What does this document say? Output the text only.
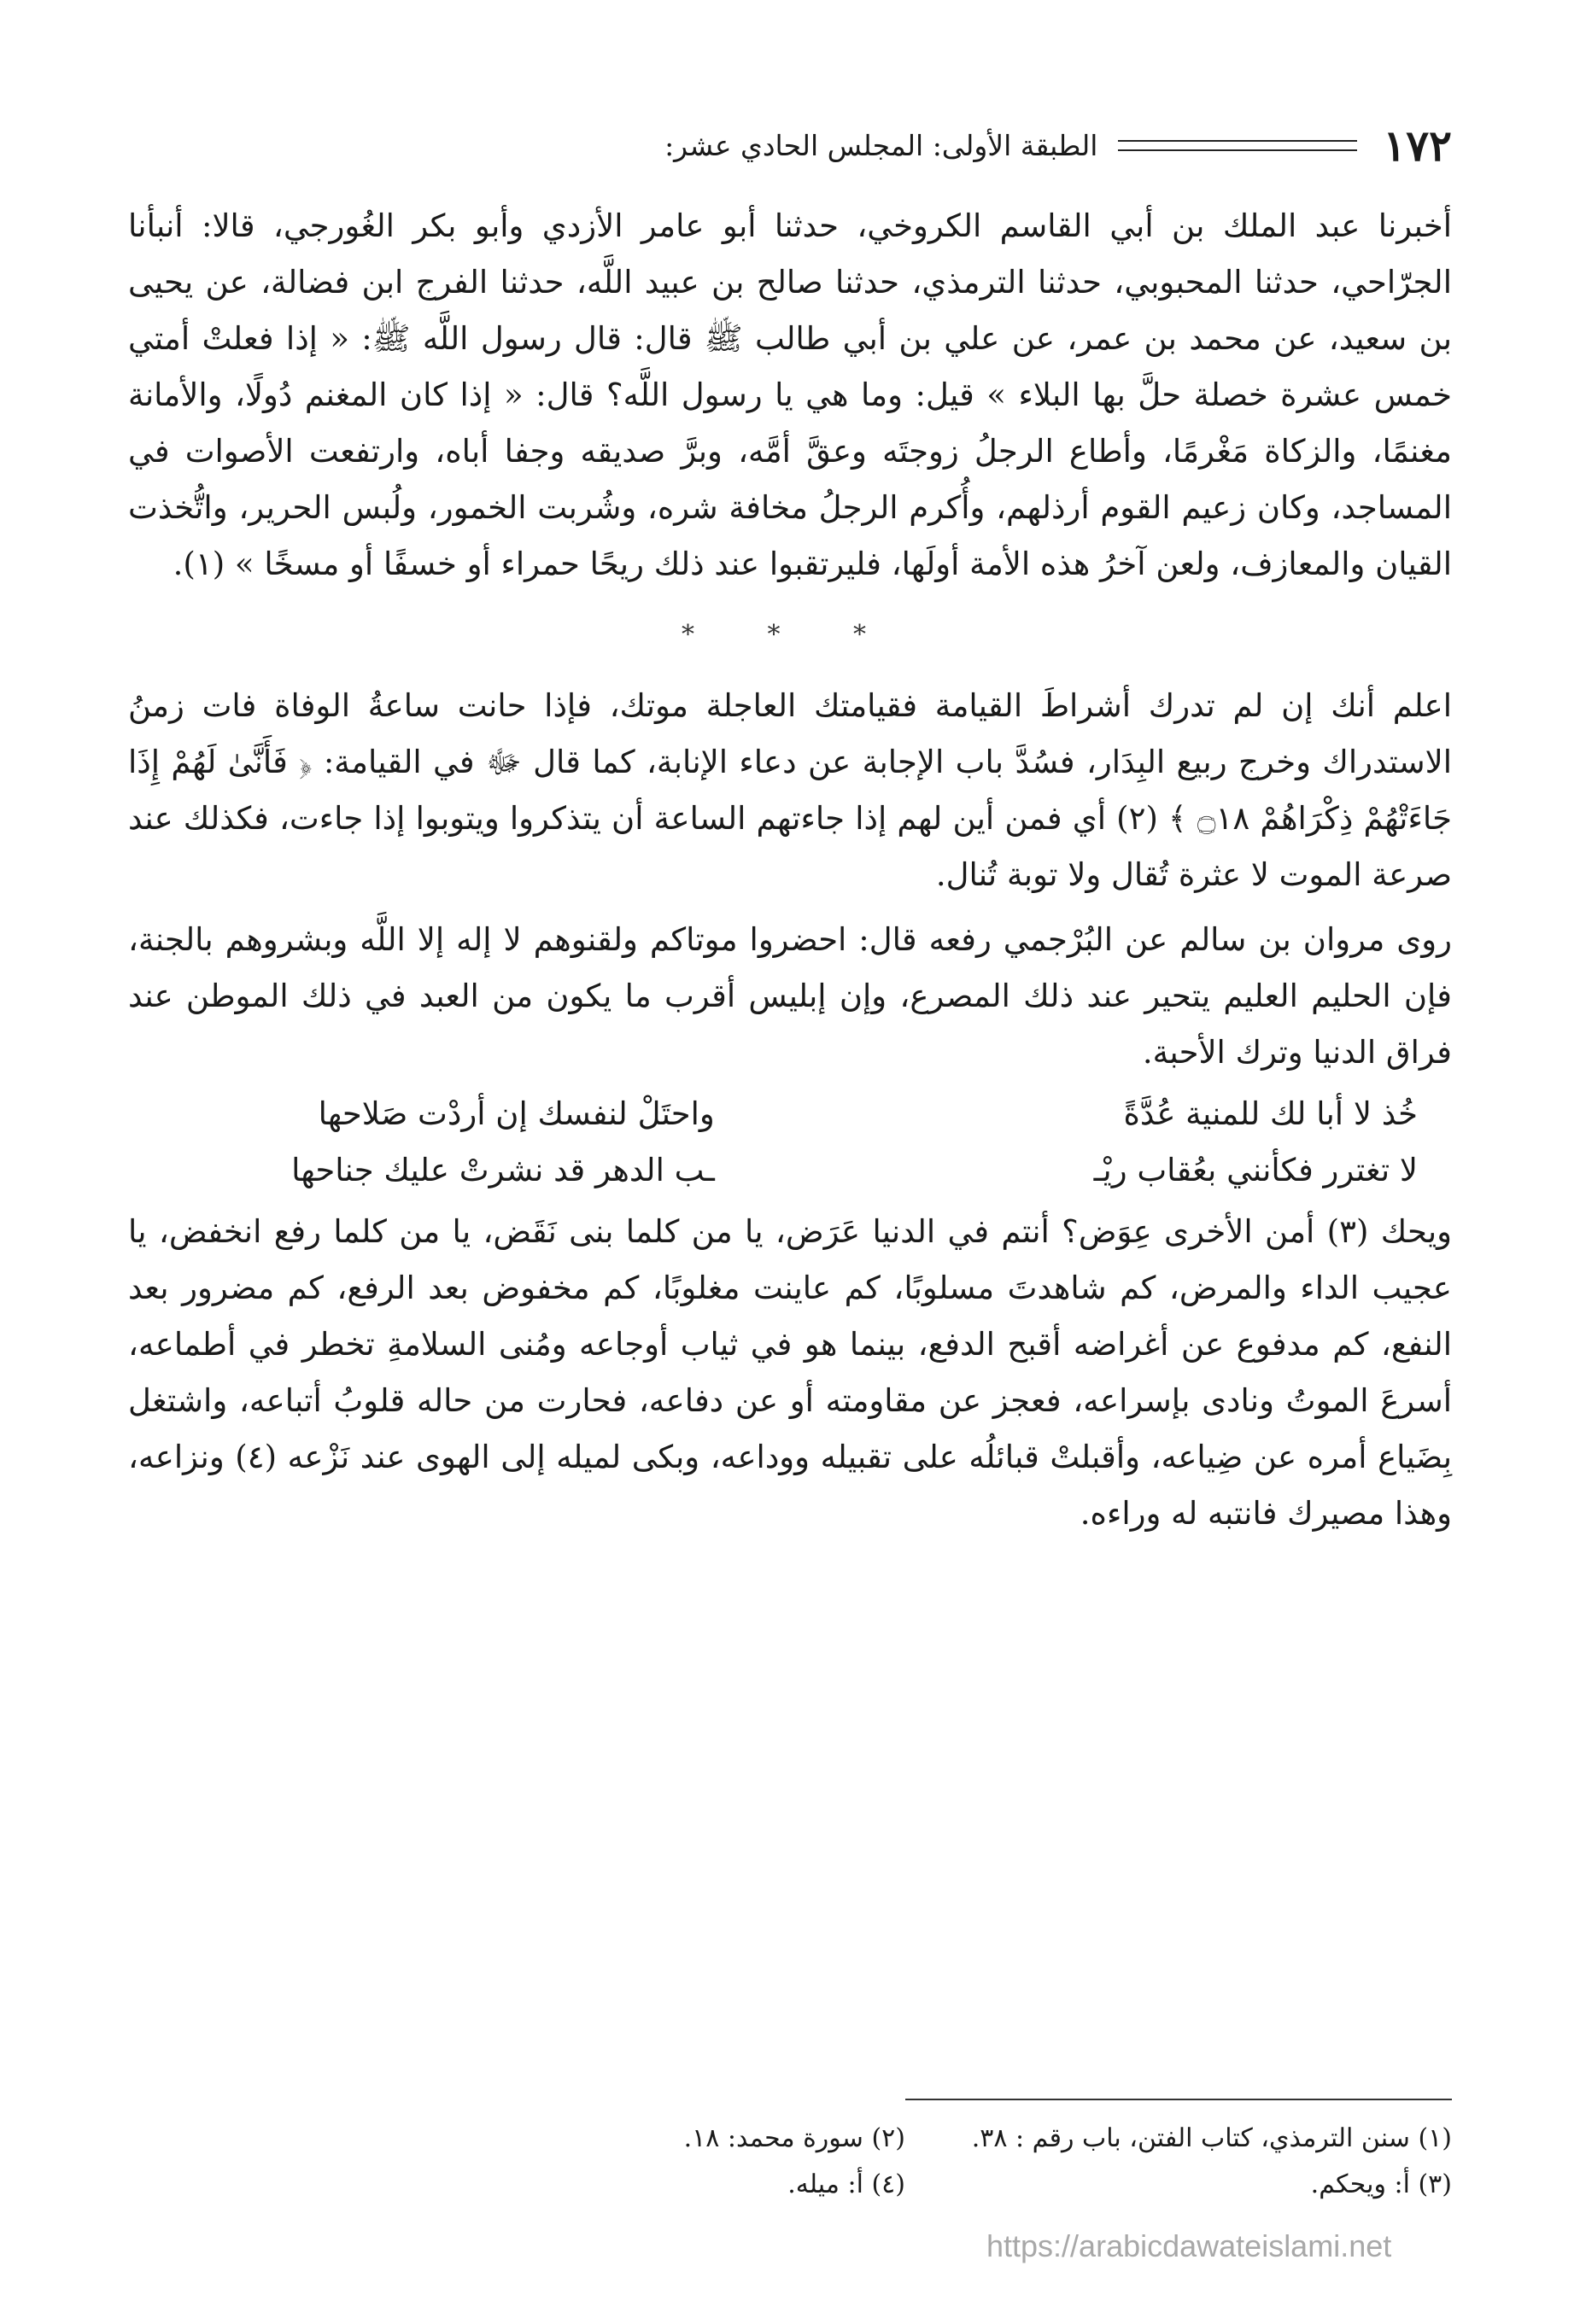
١٧٢
الطبقة الأولى: المجلس الحادي عشر:

أخبرنا عبد الملك بن أبي القاسم الكروخي، حدثنا أبو عامر الأزدي وأبو بكر الغُورجي، قالا: أنبأنا الجرّاحي، حدثنا المحبوبي، حدثنا الترمذي، حدثنا صالح بن عبيد اللَّه، حدثنا الفرج ابن فضالة، عن يحيى بن سعيد، عن محمد بن عمر، عن علي بن أبي طالب ﷺ قال: قال رسول اللَّه ﷺ: « إذا فعلتْ أمتي خمس عشرة خصلة حلَّ بها البلاء » قيل: وما هي يا رسول اللَّه؟ قال: « إذا كان المغنم دُولًا، والأمانة مغنمًا، والزكاة مَغْرمًا، وأطاع الرجلُ زوجتَه وعقَّ أمَّه، وبرَّ صديقه وجفا أباه، وارتفعت الأصوات في المساجد، وكان زعيم القوم أرذلهم، وأُكرم الرجلُ مخافة شره، وشُربت الخمور، ولُبس الحرير، واتُّخذت القيان والمعازف، ولعن آخرُ هذه الأمة أولَها، فليرتقبوا عند ذلك ريحًا حمراء أو خسفًا أو مسخًا » (١).

* * *

اعلم أنك إن لم تدرك أشراطَ القيامة فقيامتك العاجلة موتك، فإذا حانت ساعةُ الوفاة فات زمنُ الاستدراك وخرج ربيع البِدَار، فسُدَّ باب الإجابة عن دعاء الإنابة، كما قال ﷻ في القيامة: ﴿ فَأَنَّىٰ لَهُمْ إِذَا جَاءَتْهُمْ ذِكْرَاهُمْ ۝١٨ ﴾ (٢) أي فمن أين لهم إذا جاءتهم الساعة أن يتذكروا ويتوبوا إذا جاءت، فكذلك عند صرعة الموت لا عثرة تُقال ولا توبة تُنال.

روى مروان بن سالم عن البُرْجمي رفعه قال: احضروا موتاكم ولقنوهم لا إله إلا اللَّه وبشروهم بالجنة، فإن الحليم العليم يتحير عند ذلك المصرع، وإن إبليس أقرب ما يكون من العبد في ذلك الموطن عند فراق الدنيا وترك الأحبة.

خُذ لا أبا لك للمنية عُدَّةً
واحتَلْ لنفسك إن أردْت صَلاحها
لا تغترر فكأنني بعُقاب ريْـ
ـب الدهر قد نشرتْ عليك جناحها

ويحك (٣) أمن الأخرى عِوَض؟ أنتم في الدنيا عَرَض، يا من كلما بنى نَقَض، يا من كلما رفع انخفض، يا عجيب الداء والمرض، كم شاهدتَ مسلوبًا، كم عاينت مغلوبًا، كم مخفوض بعد الرفع، كم مضرور بعد النفع، كم مدفوع عن أغراضه أقبح الدفع، بينما هو في ثياب أوجاعه ومُنى السلامةِ تخطر في أطماعه، أسرعَ الموتُ ونادى بإسراعه، فعجز عن مقاومته أو عن دفاعه، فحارت من حاله قلوبُ أتباعه، واشتغل بِضَياع أمره عن ضِياعه، وأقبلتْ قبائلُه على تقبيله ووداعه، وبكى لميله إلى الهوى عند نَزْعه (٤) ونزاعه، وهذا مصيرك فانتبه له وراءه.

(١) سنن الترمذي، كتاب الفتن، باب رقم : ٣٨.
(٢) سورة محمد: ١٨.
(٣) أ: ويحكم.
(٤) أ: ميله.
https://arabicdawateislami.net
